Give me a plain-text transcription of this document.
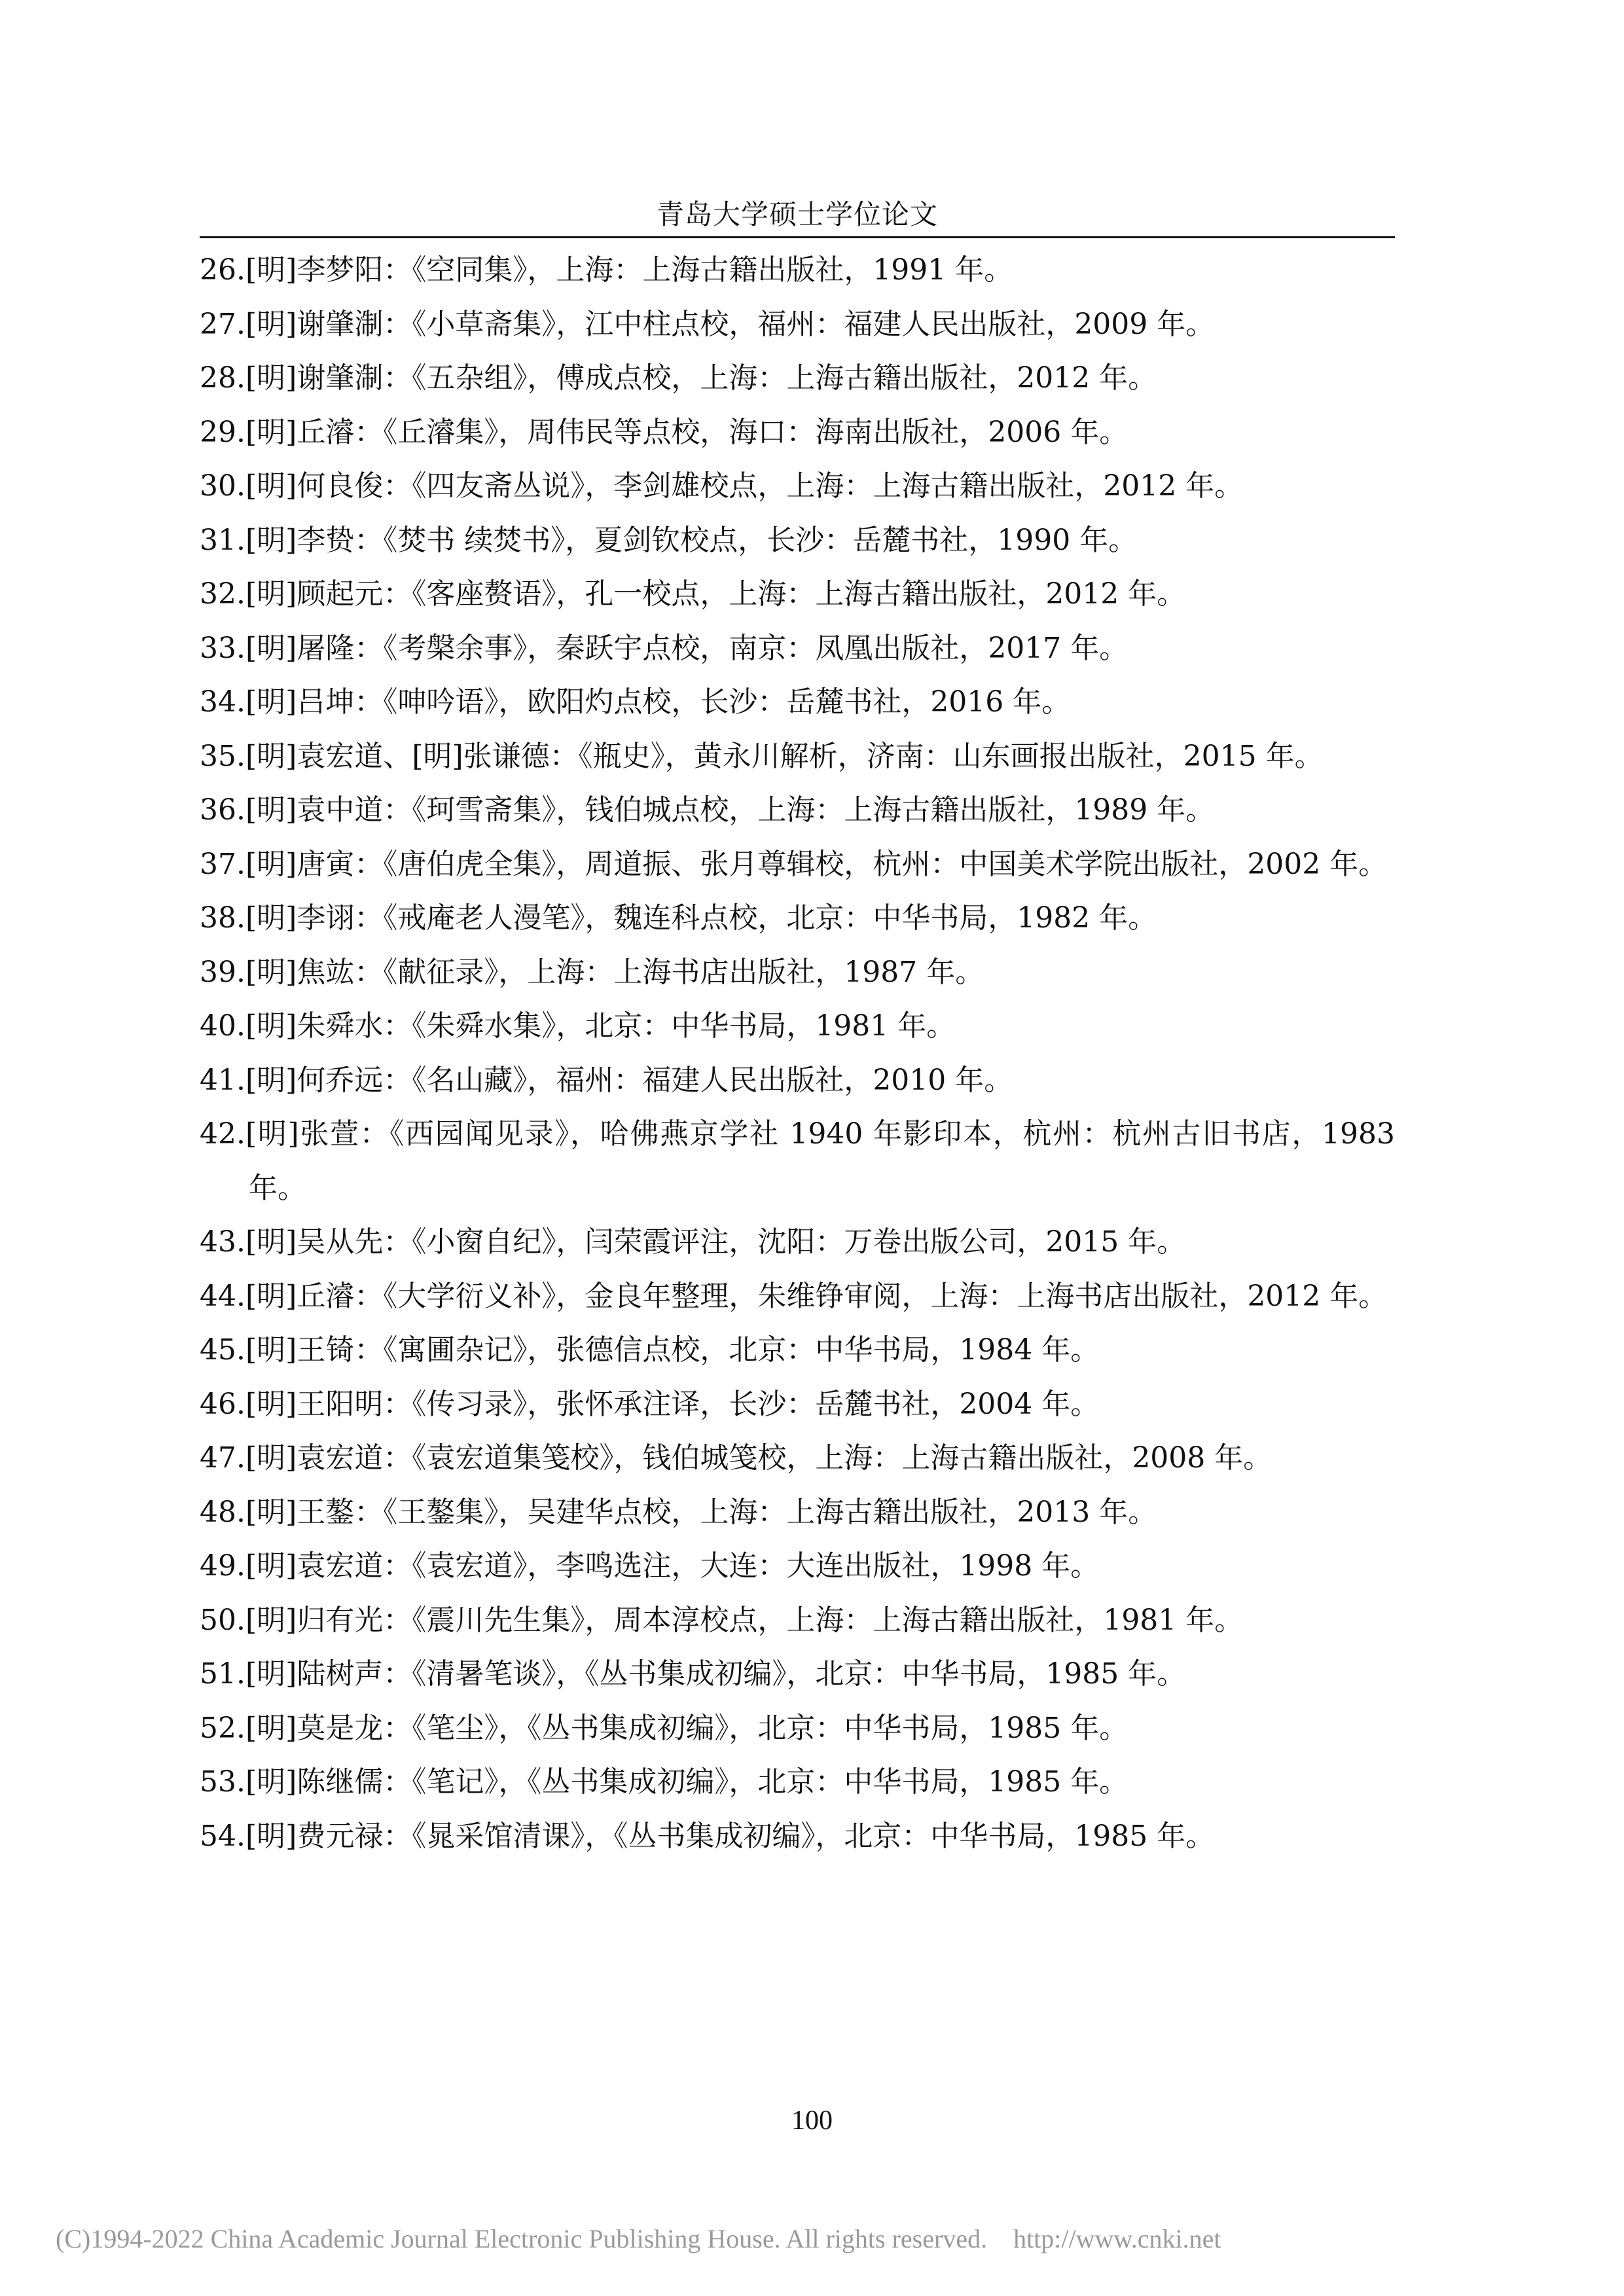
青岛大学硕士学位论文
26.[明]李梦阳：《空同集》，上海：上海古籍出版社，1991 年。
27.[明]谢肇淛：《小草斋集》，江中柱点校，福州：福建人民出版社，2009 年。
28.[明]谢肇淛：《五杂组》，傅成点校，上海：上海古籍出版社，2012 年。
29.[明]丘濬：《丘濬集》，周伟民等点校，海口：海南出版社，2006 年。
30.[明]何良俊：《四友斋丛说》，李剑雄校点，上海：上海古籍出版社，2012 年。
31.[明]李贽：《焚书 续焚书》，夏剑钦校点，长沙：岳麓书社，1990 年。
32.[明]顾起元：《客座赘语》，孔一校点，上海：上海古籍出版社，2012 年。
33.[明]屠隆：《考槃余事》，秦跃宇点校，南京：凤凰出版社，2017 年。
34.[明]吕坤：《呻吟语》，欧阳灼点校，长沙：岳麓书社，2016 年。
35.[明]袁宏道、[明]张谦德：《瓶史》，黄永川解析，济南：山东画报出版社，2015 年。
36.[明]袁中道：《珂雪斋集》，钱伯城点校，上海：上海古籍出版社，1989 年。
37.[明]唐寅：《唐伯虎全集》，周道振、张月尊辑校，杭州：中国美术学院出版社，2002 年。
38.[明]李诩：《戒庵老人漫笔》，魏连科点校，北京：中华书局，1982 年。
39.[明]焦竑：《献征录》，上海：上海书店出版社，1987 年。
40.[明]朱舜水：《朱舜水集》，北京：中华书局，1981 年。
41.[明]何乔远：《名山藏》，福州：福建人民出版社，2010 年。
42.[明]张萱：《西园闻见录》，哈佛燕京学社 1940 年影印本，杭州：杭州古旧书店，1983 年。
43.[明]吴从先：《小窗自纪》，闫荣霞评注，沈阳：万卷出版公司，2015 年。
44.[明]丘濬：《大学衍义补》，金良年整理，朱维铮审阅，上海：上海书店出版社，2012 年。
45.[明]王锜：《寓圃杂记》，张德信点校，北京：中华书局，1984 年。
46.[明]王阳明：《传习录》，张怀承注译，长沙：岳麓书社，2004 年。
47.[明]袁宏道：《袁宏道集笺校》，钱伯城笺校，上海：上海古籍出版社，2008 年。
48.[明]王鏊：《王鏊集》，吴建华点校，上海：上海古籍出版社，2013 年。
49.[明]袁宏道：《袁宏道》，李鸣选注，大连：大连出版社，1998 年。
50.[明]归有光：《震川先生集》，周本淳校点，上海：上海古籍出版社，1981 年。
51.[明]陆树声：《清暑笔谈》，《丛书集成初编》，北京：中华书局，1985 年。
52.[明]莫是龙：《笔尘》，《丛书集成初编》，北京：中华书局，1985 年。
53.[明]陈继儒：《笔记》，《丛书集成初编》，北京：中华书局，1985 年。
54.[明]费元禄：《晁采馆清课》，《丛书集成初编》，北京：中华书局，1985 年。
100
(C)1994-2022 China Academic Journal Electronic Publishing House. All rights reserved.    http://www.cnki.net
